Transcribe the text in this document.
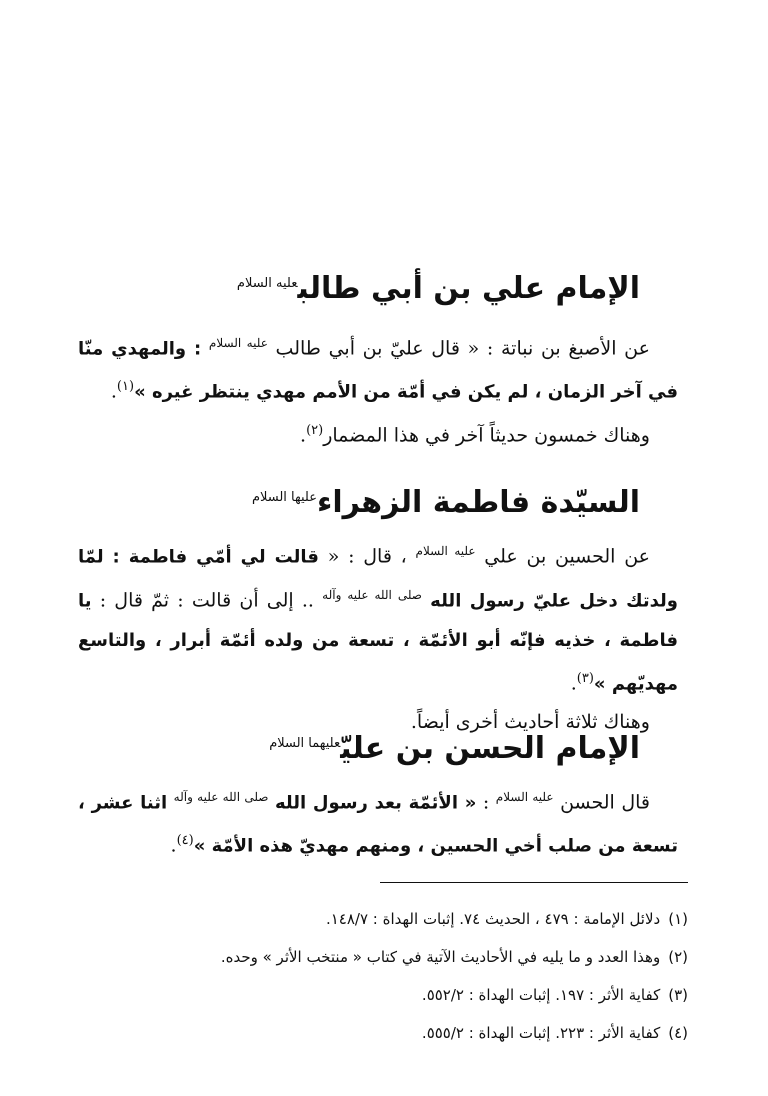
الإمام علي بن أبي طالب$^{عليه السلام}$

عن الأصبغ بن نباتة : « قال عليّ بن أبي طالب $^{عليه السلام}$ : والمهدي منّا في آخر الزمان ، لم يكن في أمّة من الأمم مهدي ينتظر غيره »$^{(١)}$.

وهناك خمسون حديثاً آخر في هذا المضمار$^{(٢)}$.

السيّدة فاطمة الزهراء$^{عليها السلام}$

عن الحسين بن علي $^{عليه السلام}$ ، قال : « قالت لي أمّي فاطمة : لمّا ولدتك دخل عليّ رسول الله $^{صلى الله عليه وآله}$ .. إلى أن قالت : ثمّ قال : يا فاطمة ، خذيه فإنّه أبو الأئمّة ، تسعة من ولده أئمّة أبرار ، والتاسع مهديّهم »$^{(٣)}$.

وهناك ثلاثة أحاديث أخرى أيضاً.

الإمام الحسن بن عليّ$^{عليهما السلام}$

قال الحسن $^{عليه السلام}$ : « الأئمّة بعد رسول الله $^{صلى الله عليه وآله}$ اثنا عشر ، تسعة من صلب أخي الحسين ، ومنهم مهديّ هذه الأمّة »$^{(٤)}$.

(١)دلائل الإمامة : ٤٧٩ ، الحديث ٧٤. إثبات الهداة : ١٤٨/٧.
(٢)وهذا العدد و ما يليه في الأحاديث الآتية في كتاب « منتخب الأثر » وحده.
(٣)كفاية الأثر : ١٩٧. إثبات الهداة : ٥٥٢/٢.
(٤)كفاية الأثر : ٢٢٣. إثبات الهداة : ٥٥٥/٢.
